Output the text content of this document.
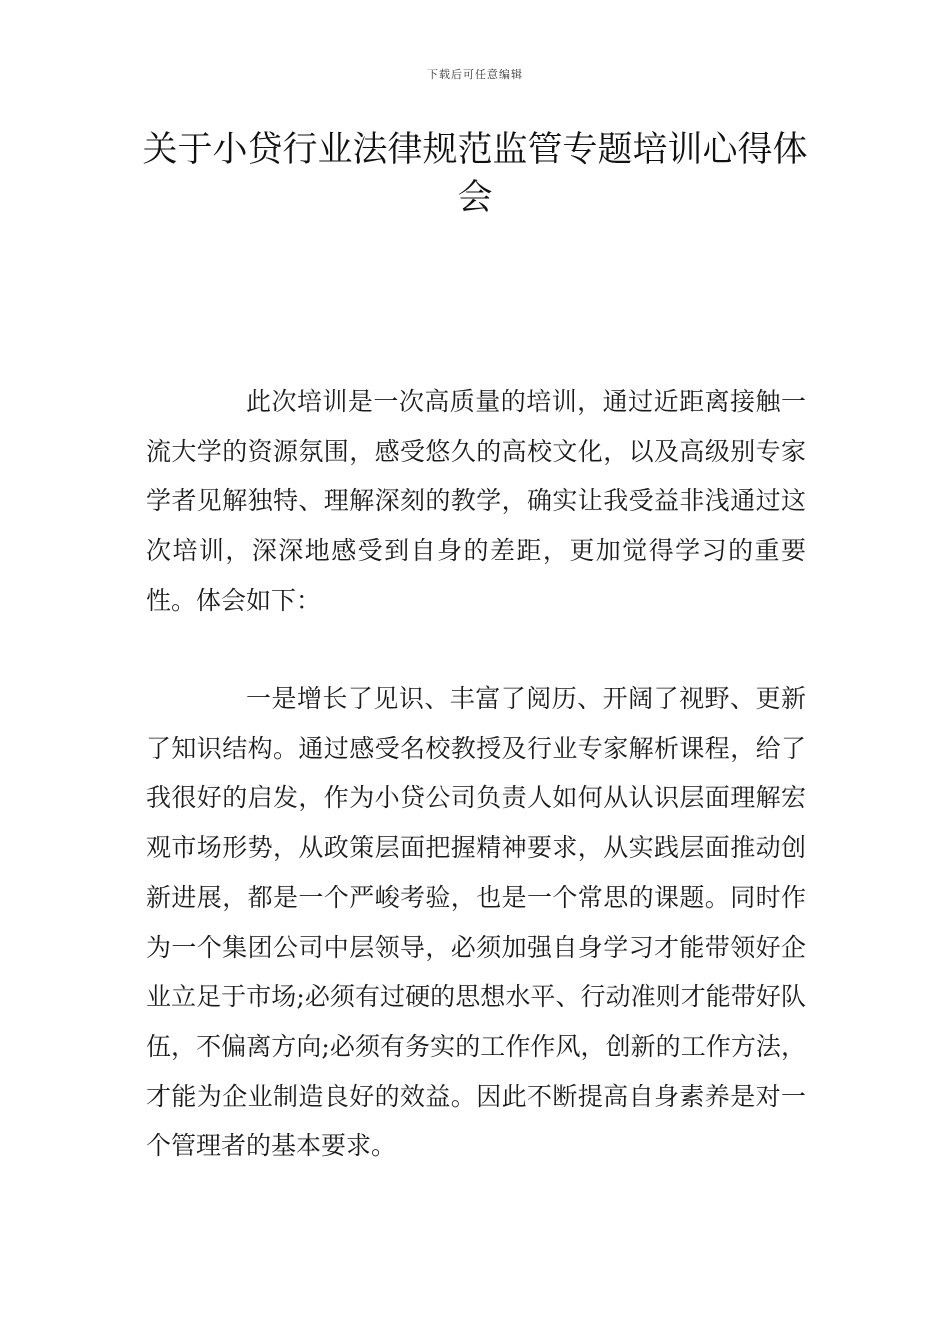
下载后可任意编辑
关于小贷行业法律规范监管专题培训心得体会

此次培训是一次高质量的培训，通过近距离接触一流大学的资源氛围，感受悠久的高校文化，以及高级别专家学者见解独特、理解深刻的教学，确实让我受益非浅通过这次培训，深深地感受到自身的差距，更加觉得学习的重要性。体会如下：

一是增长了见识、丰富了阅历、开阔了视野、更新了知识结构。通过感受名校教授及行业专家解析课程，给了我很好的启发，作为小贷公司负责人如何从认识层面理解宏观市场形势，从政策层面把握精神要求，从实践层面推动创新进展，都是一个严峻考验，也是一个常思的课题。同时作为一个集团公司中层领导，必须加强自身学习才能带领好企业立足于市场;必须有过硬的思想水平、行动准则才能带好队伍，不偏离方向;必须有务实的工作作风，创新的工作方法，才能为企业制造良好的效益。因此不断提高自身素养是对一个管理者的基本要求。
